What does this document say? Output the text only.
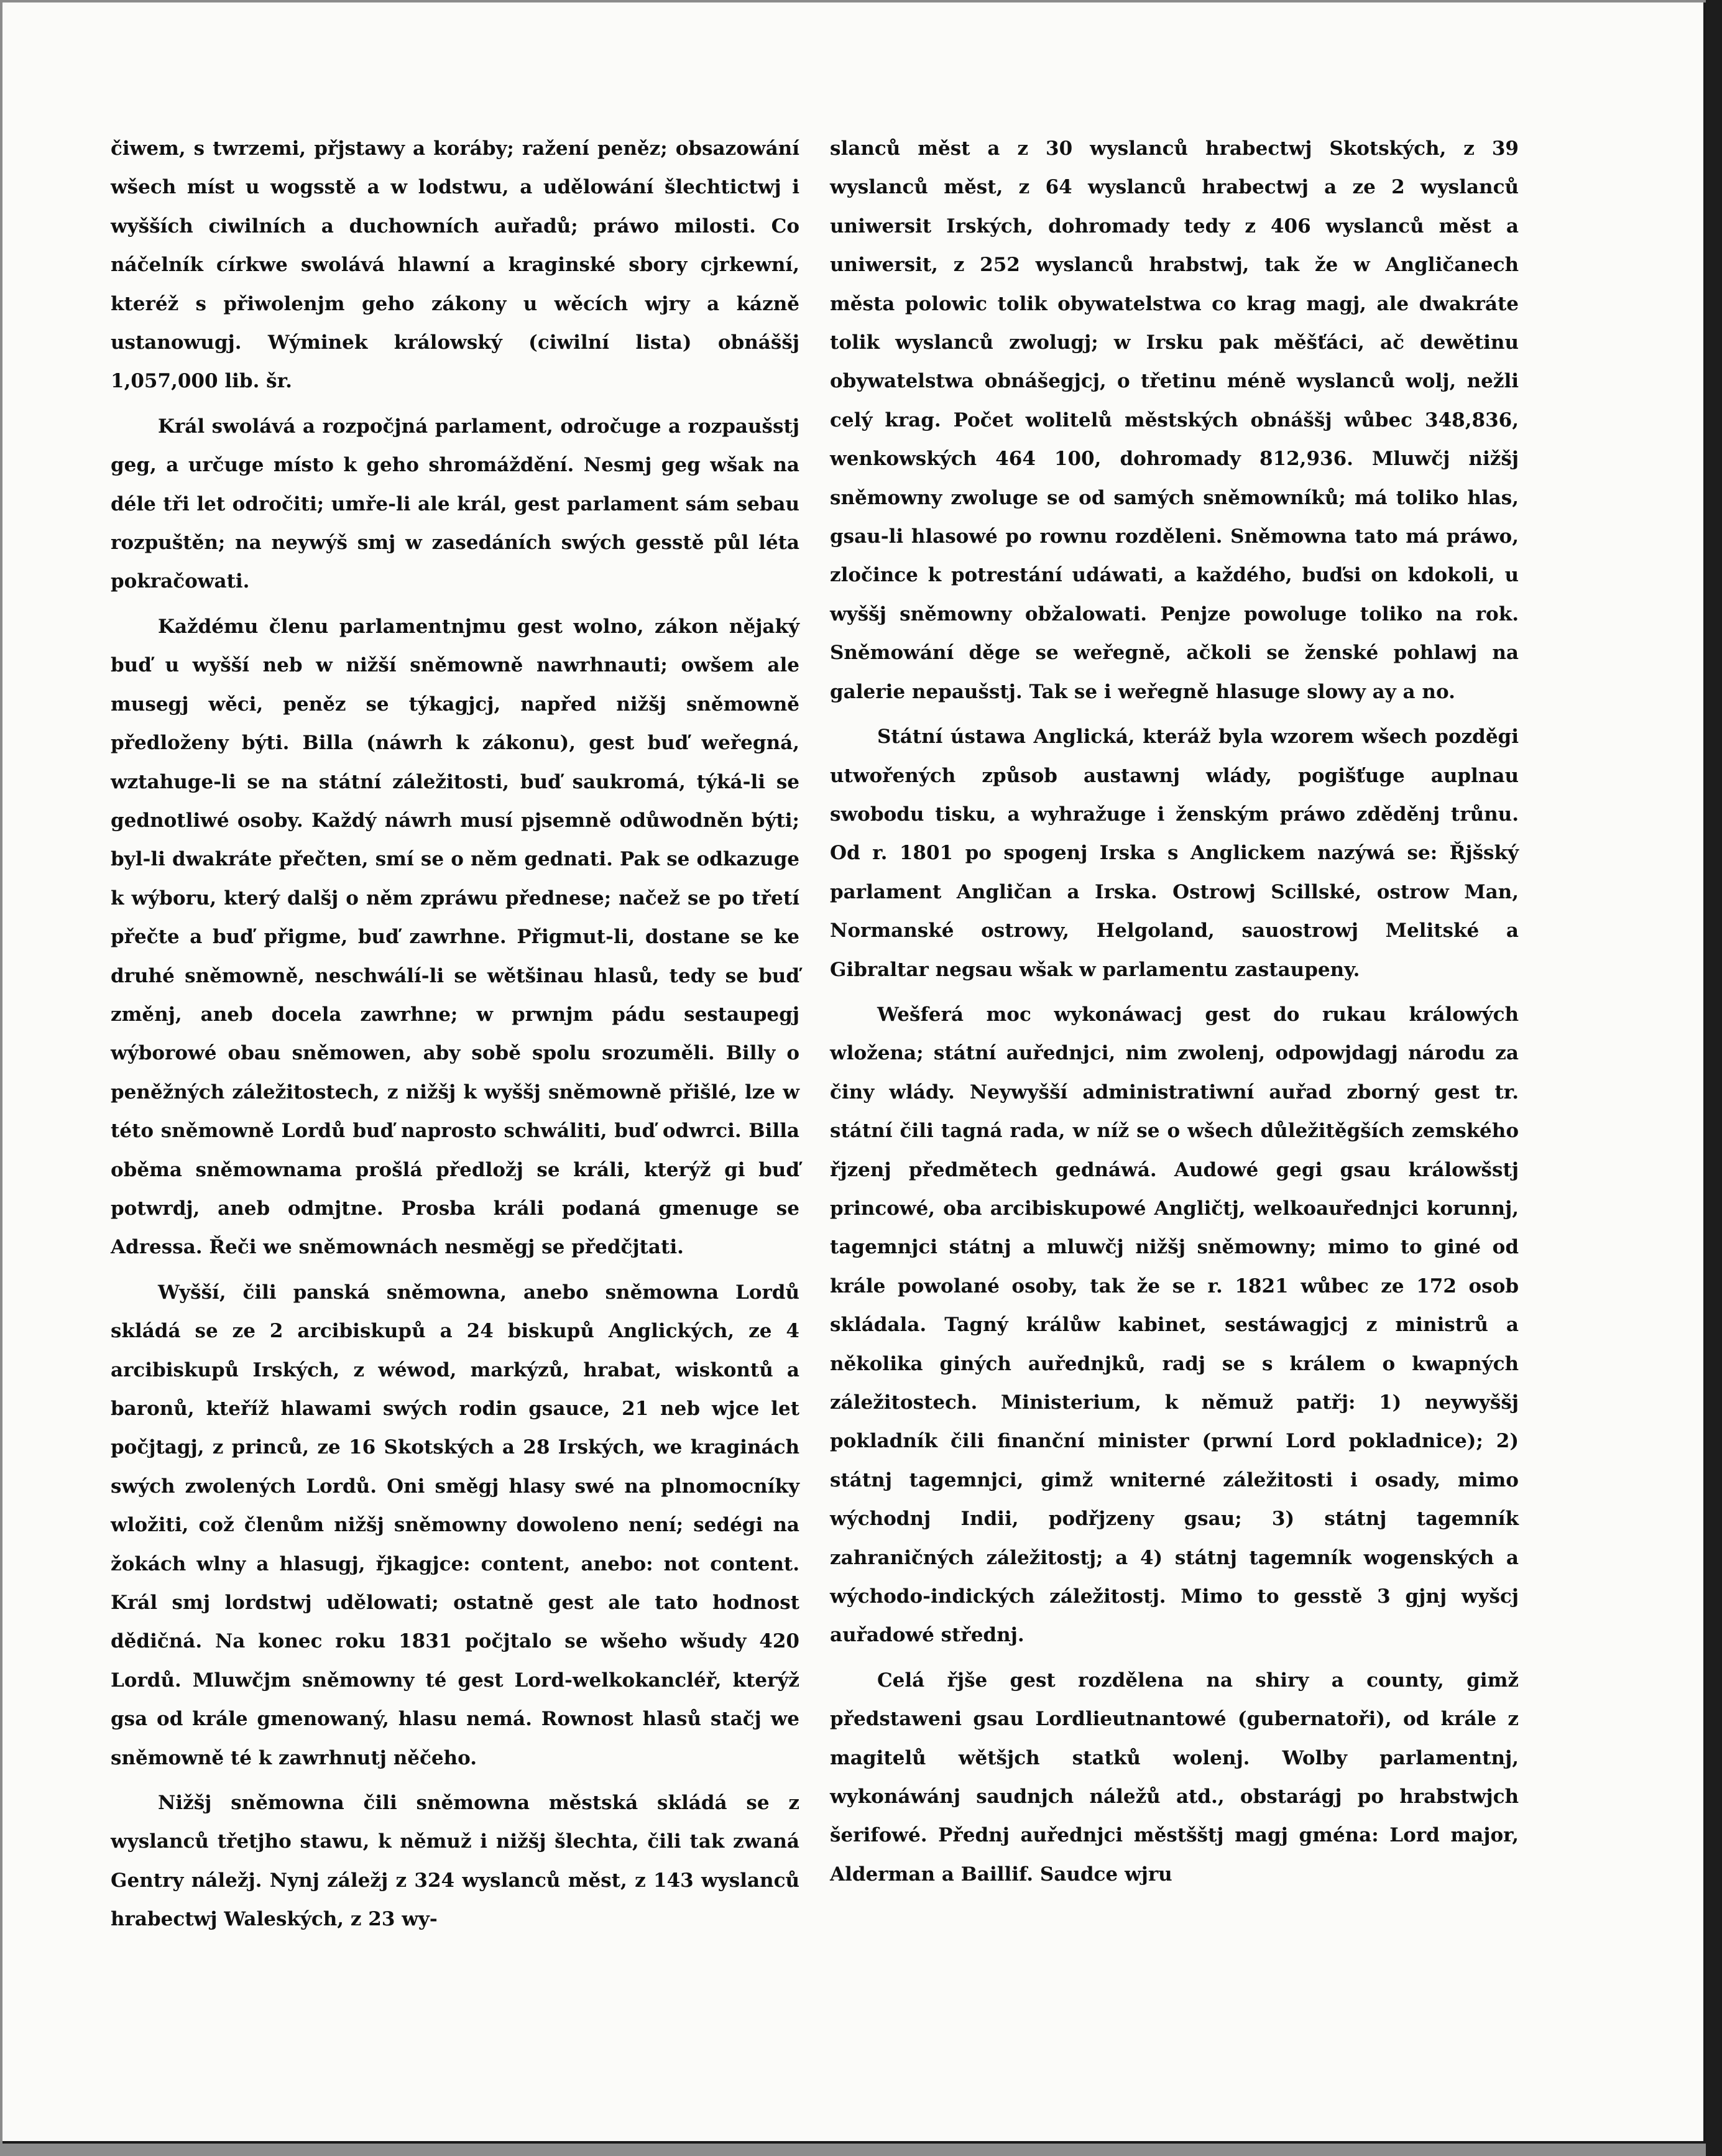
čiwem, s twrzemi, přjstawy a koráby; ražení peněz; obsazowání wšech míst u wogsstě a w lodstwu, a udělowání šlechtictwj i wyšších ciwilních a duchowních auřadů; práwo milosti. Co náčelník církwe swolává hlawní a kraginské sbory cjrkewní, kteréž s přiwolenjm geho zákony u wěcích wjry a kázně ustanowugj. Wýminek králowský (ciwilní lista) obnáššj 1,057,000 lib. šr.

Král swolává a rozpočjná parlament, odročuge a rozpaušstj geg, a určuge místo k geho shromáždění. Nesmj geg wšak na déle tři let odročiti; umře-li ale král, gest parlament sám sebau rozpuštěn; na neywýš smj w zasedáních swých gesstě půl léta pokračowati.

Každému členu parlamentnjmu gest wolno, zákon nějaký buď u wyšší neb w nižší sněmowně nawrhnauti; owšem ale musegj wěci, peněz se týkagjcj, napřed nižšj sněmowně předloženy býti. Billa (náwrh k zákonu), gest buď weřegná, wztahuge-li se na státní záležitosti, buď saukromá, týká-li se gednotliwé osoby. Každý náwrh musí pjsemně odůwodněn býti; byl-li dwakráte přečten, smí se o něm gednati. Pak se odkazuge k wýboru, který dalšj o něm zpráwu přednese; načež se po třetí přečte a buď přigme, buď zawrhne. Přigmut-li, dostane se ke druhé sněmowně, neschwálí-li se wětšinau hlasů, tedy se buď změnj, aneb docela zawrhne; w prwnjm pádu sestaupegj wýborowé obau sněmowen, aby sobě spolu srozuměli. Billy o peněžných záležitostech, z nižšj k wyššj sněmowně přišlé, lze w této sněmowně Lordů buď naprosto schwáliti, buď odwrci. Billa oběma sněmownama prošlá předložj se králi, kterýž gi buď potwrdj, aneb odmjtne. Prosba králi podaná gmenuge se Adressa. Řeči we sněmownách nesměgj se předčjtati.

Wyšší, čili panská sněmowna, anebo sněmowna Lordů skládá se ze 2 arcibiskupů a 24 biskupů Anglických, ze 4 arcibiskupů Irských, z wéwod, markýzů, hrabat, wiskontů a baronů, kteříž hlawami swých rodin gsauce, 21 neb wjce let počjtagj, z princů, ze 16 Skotských a 28 Irských, we kraginách swých zwolených Lordů. Oni směgj hlasy swé na plnomocníky wložiti, což členům nižšj sněmowny dowoleno není; sedégi na žokách wlny a hlasugj, řjkagjce: content, anebo: not content. Král smj lordstwj udělowati; ostatně gest ale tato hodnost dědičná. Na konec roku 1831 počjtalo se wšeho wšudy 420 Lordů. Mluwčjm sněmowny té gest Lord-welkokancléř, kterýž gsa od krále gmenowaný, hlasu nemá. Rownost hlasů stačj we sněmowně té k zawrhnutj něčeho.

Nižšj sněmowna čili sněmowna městská skládá se z wyslanců třetjho stawu, k němuž i nižšj šlechta, čili tak zwaná Gentry náležj. Nynj záležj z 324 wyslanců měst, z 143 wyslanců hrabectwj Waleských, z 23 wy-

slanců měst a z 30 wyslanců hrabectwj Skotských, z 39 wyslanců měst, z 64 wyslanců hrabectwj a ze 2 wyslanců uniwersit Irských, dohromady tedy z 406 wyslanců měst a uniwersit, z 252 wyslanců hrabstwj, tak že w Angličanech města polowic tolik obywatelstwa co krag magj, ale dwakráte tolik wyslanců zwolugj; w Irsku pak měšťáci, ač dewětinu obywatelstwa obnášegjcj, o třetinu méně wyslanců wolj, nežli celý krag. Počet wolitelů městských obnáššj wůbec 348,836, wenkowských 464 100, dohromady 812,936. Mluwčj nižšj sněmowny zwoluge se od samých sněmowníků; má toliko hlas, gsau-li hlasowé po rownu rozděleni. Sněmowna tato má práwo, zločince k potrestání udáwati, a každého, buďsi on kdokoli, u wyššj sněmowny obžalowati. Penjze powoluge toliko na rok. Sněmowání děge se weřegně, ačkoli se ženské pohlawj na galerie nepaušstj. Tak se i weřegně hlasuge slowy ay a no.

Státní ústawa Anglická, kteráž byla wzorem wšech pozděgi utwořených způsob austawnj wlády, pogišťuge auplnau swobodu tisku, a wyhražuge i ženským práwo zděděnj trůnu. Od r. 1801 po spogenj Irska s Anglickem nazýwá se: Řjšský parlament Angličan a Irska. Ostrowj Scillské, ostrow Man, Normanské ostrowy, Helgoland, sauostrowj Melitské a Gibraltar negsau wšak w parlamentu zastaupeny.

Wešferá moc wykonáwacj gest do rukau králowých wložena; státní auřednjci, nim zwolenj, odpowjdagj národu za činy wlády. Neywyšší administratiwní auřad zborný gest tr. státní čili tagná rada, w níž se o wšech důležitěgších zemského řjzenj předmětech gednáwá. Audowé gegi gsau králowšstj princowé, oba arcibiskupowé Angličtj, welkoauřednjci korunnj, tagemnjci státnj a mluwčj nižšj sněmowny; mimo to giné od krále powolané osoby, tak že se r. 1821 wůbec ze 172 osob skládala. Tagný králůw kabinet, sestáwagjcj z ministrů a několika giných auřednjků, radj se s králem o kwapných záležitostech. Ministerium, k němuž patřj: 1) neywyššj pokladník čili finanční minister (prwní Lord pokladnice); 2) státnj tagemnjci, gimž wniterné záležitosti i osady, mimo wýchodnj Indii, podřjzeny gsau; 3) státnj tagemník zahraničných záležitostj; a 4) státnj tagemník wogenských a wýchodo-indických záležitostj. Mimo to gesstě 3 gjnj wyšcj auřadowé střednj.

Celá řjše gest rozdělena na shiry a county, gimž předstaweni gsau Lordlieutnantowé (gubernatoři), od krále z magitelů wětšjch statků wolenj. Wolby parlamentnj, wykonáwánj saudnjch náležů atd., obstarágj po hrabstwjch šerifowé. Přednj auřednjci městšštj magj gména: Lord major, Alderman a Baillif. Saudce wjru
